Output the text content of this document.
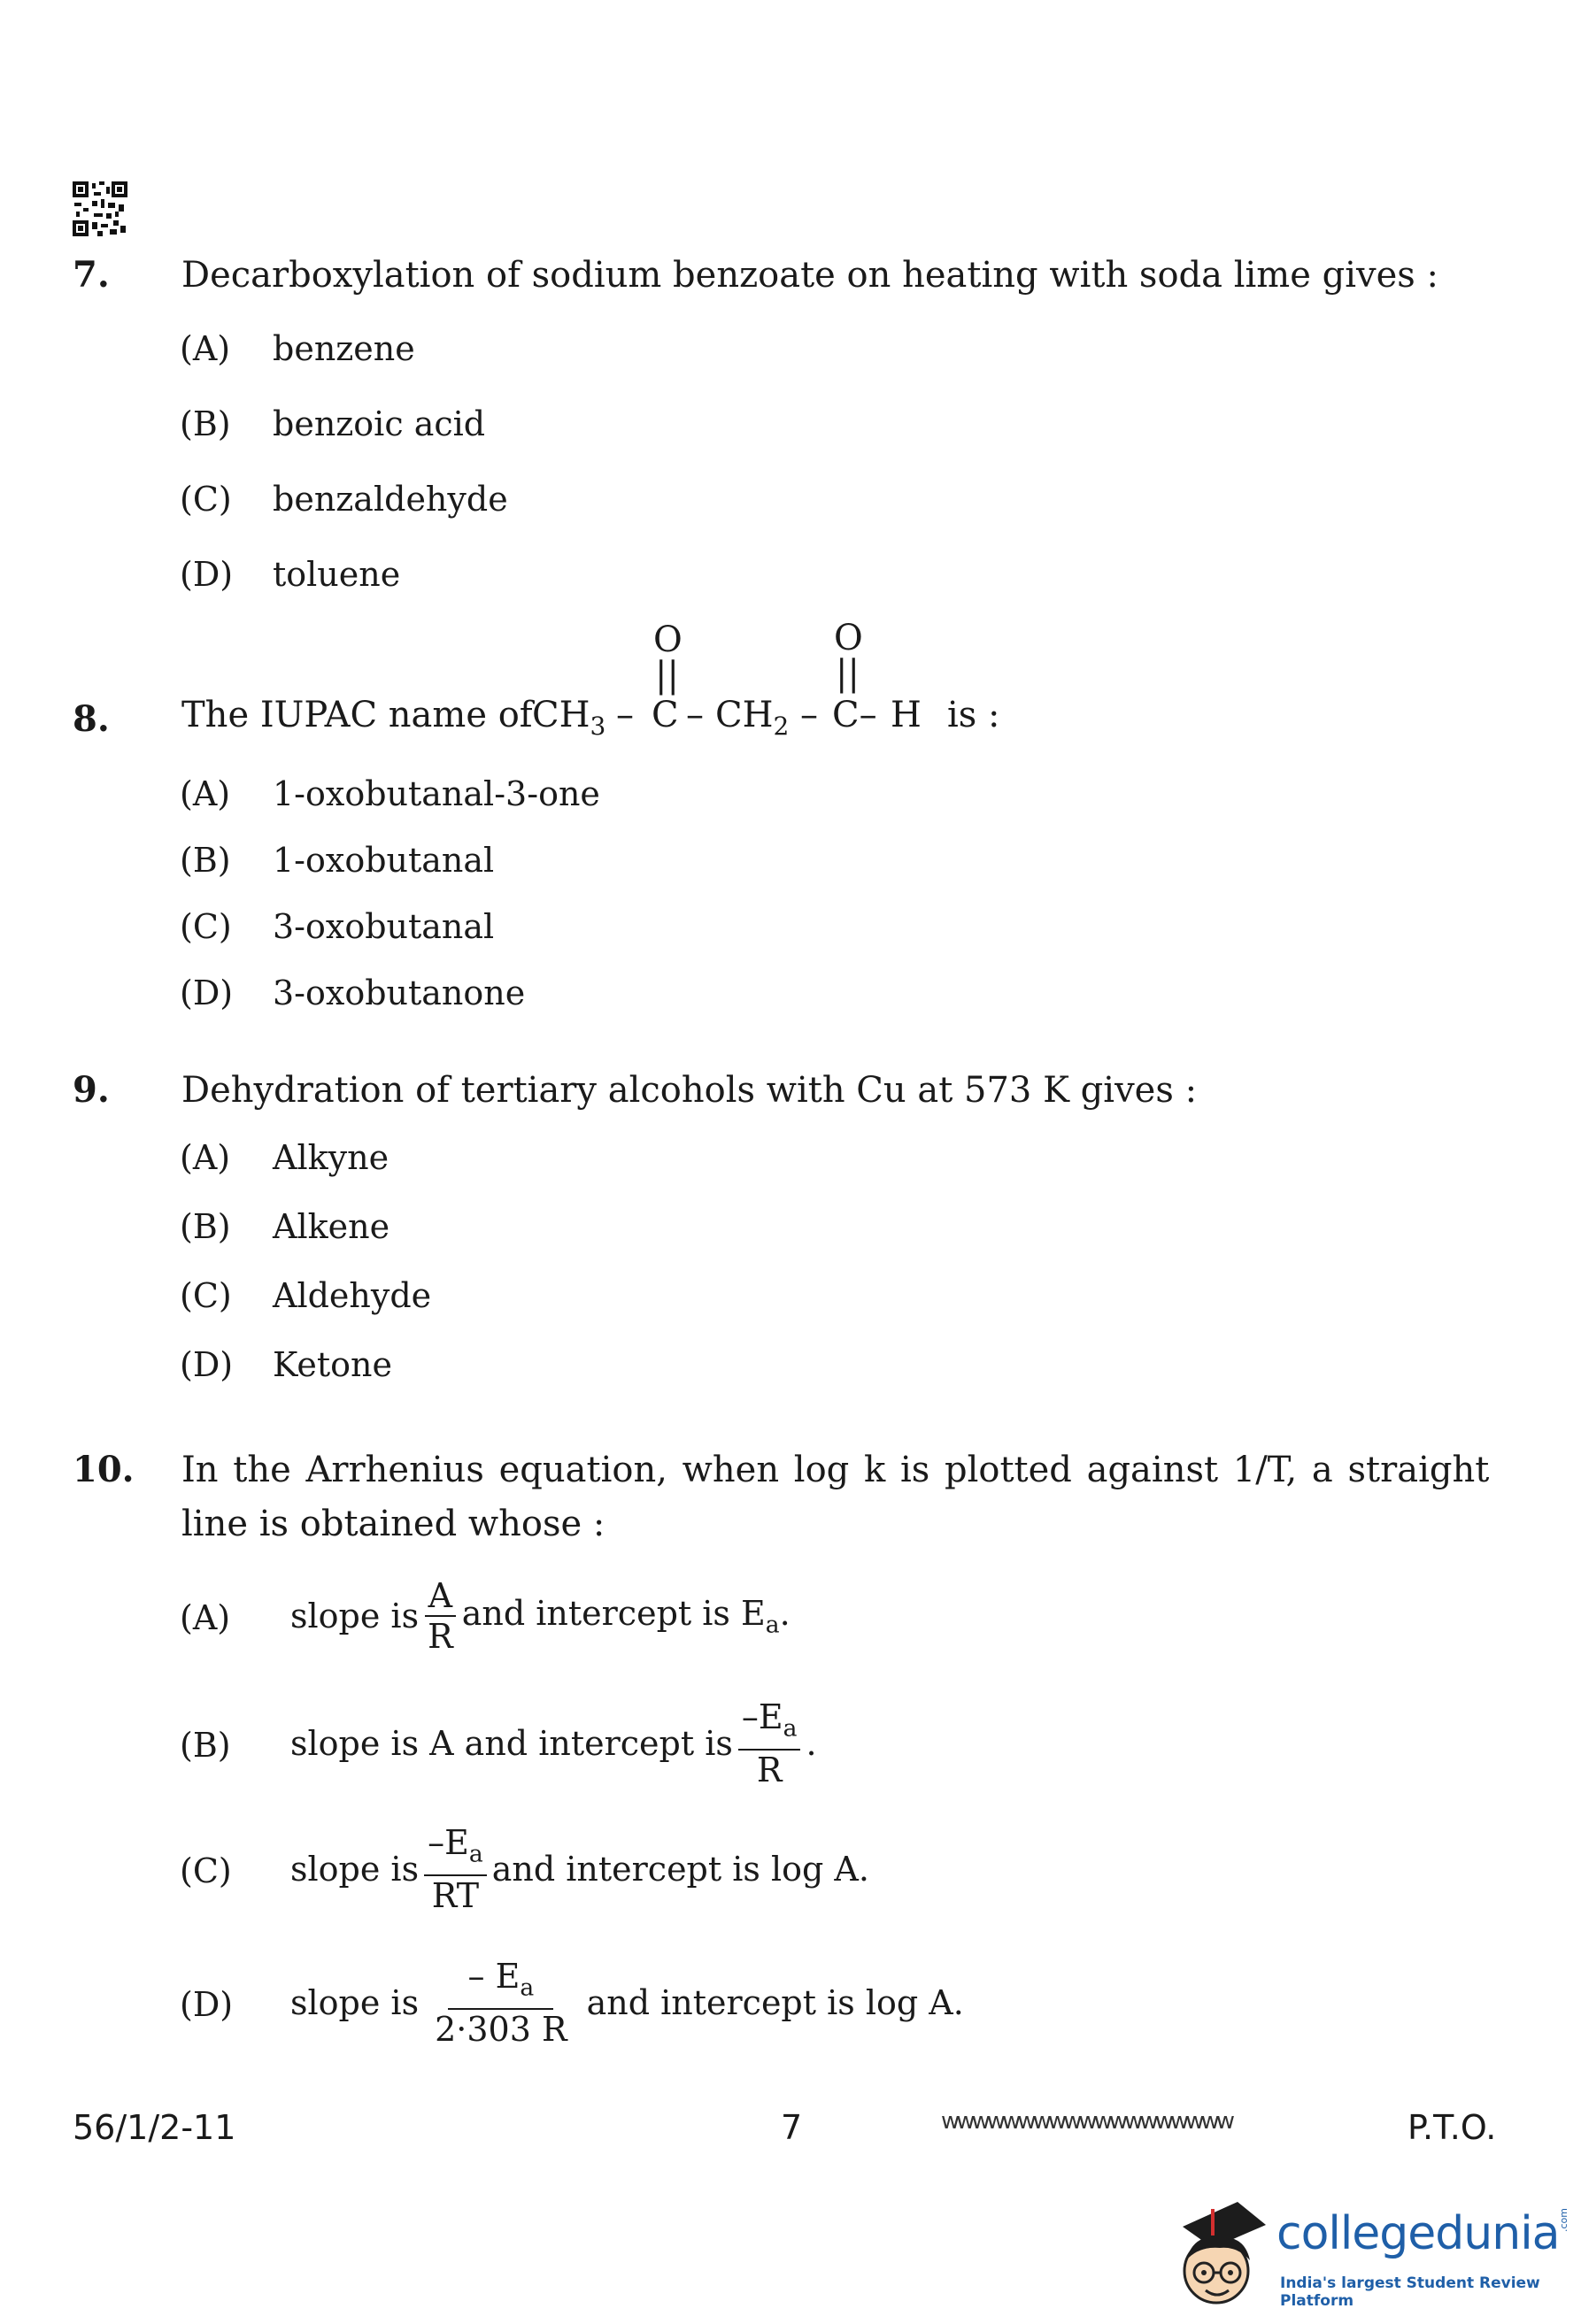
7. Decarboxylation of sodium benzoate on heating with soda lime gives :
(A) benzene
(B) benzoic acid
(C) benzaldehyde
(D) toluene
8. The IUPAC name of
O
||
O
||
$CH_3$ – C – $CH_2 - C-$ H is :
(A) 1-oxobutanal-3-one
(B) 1-oxobutanal
(C) 3-oxobutanal
(D) 3-oxobutanone
9. Dehydration of tertiary alcohols with Cu at 573 K gives :
(A) Alkyne
(B) Alkene
(C) Aldehyde
(D) Ketone
10. In the Arrhenius equation, when log k is plotted against 1/T, a straight
line is obtained whose :
(A) slope is $\frac{A}{R}$ and intercept is $E_a$.
(B) slope is A and intercept is $\frac{-E_a}{R}$ .
(C) slope is $\frac{-E_a}{RT}$ and intercept is log A.
(D) slope is $\frac{- E_a}{2\cdot 303 R}$ and intercept is log A.
56/1/2-11	7	wwwwwwwwwwwwwwwwwww	P.T.O.
collegedunia
.com
India's largest Student Review Platform
